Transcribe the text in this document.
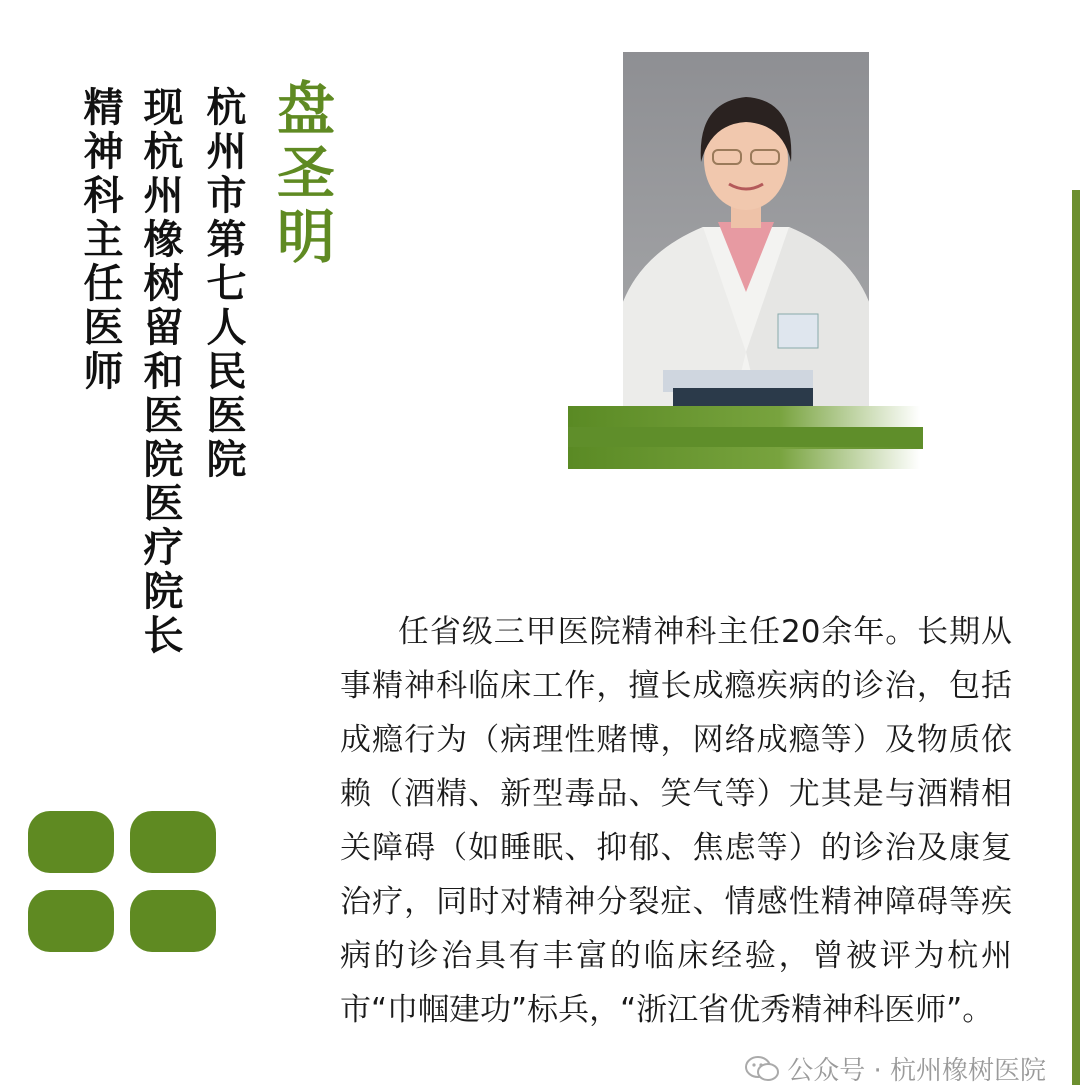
盘圣明
杭州市第七人民医院
现杭州橡树留和医院医疗院长
精神科主任医师

任省级三甲医院精神科主任20余年。长期从事精神科临床工作，擅长成瘾疾病的诊治，包括成瘾行为（病理性赌博，网络成瘾等）及物质依赖（酒精、新型毒品、笑气等）尤其是与酒精相关障碍（如睡眠、抑郁、焦虑等）的诊治及康复治疗，同时对精神分裂症、情感性精神障碍等疾病的诊治具有丰富的临床经验，曾被评为杭州市“巾帼建功”标兵，“浙江省优秀精神科医师”。

公众号 · 杭州橡树医院
